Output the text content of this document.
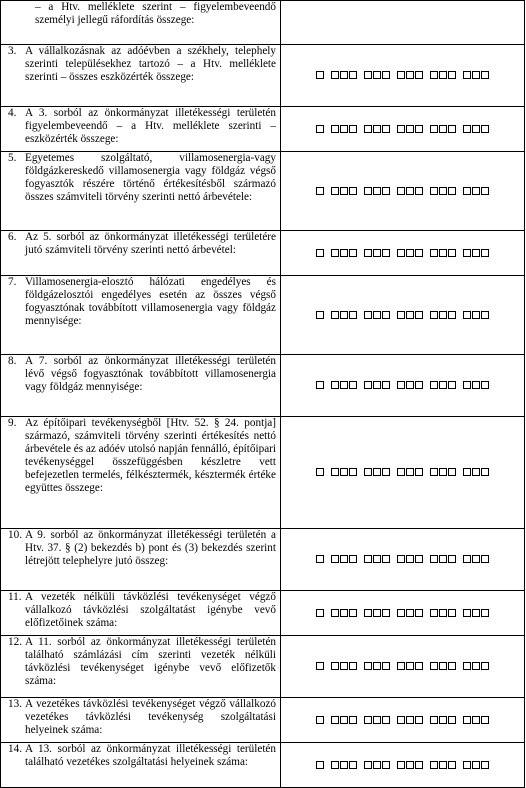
– a Htv. melléklete szerint – figyelembeveendő személyi jellegű ráfordítás összege:	

3. A vállalkozásnak az adóévben a székhely, telephely szerinti településekhez tartozó – a Htv. melléklete szerinti – összes eszközérték összege:	

4. A 3. sorból az önkormányzat illetékességi területén figyelembeveendő – a Htv. melléklete szerinti – eszközérték összege:	

5. Egyetemes szolgáltató, villamosenergia-vagy földgázkereskedő villamosenergia vagy földgáz végső fogyasztók részére történő értékesítésből származó összes számviteli törvény szerinti nettó árbevétele:	

6. Az 5. sorból az önkormányzat illetékességi területére jutó számviteli törvény szerinti nettó árbevétel:	

7. Villamosenergia-elosztó hálózati engedélyes és földgázelosztói engedélyes esetén az összes végső fogyasztónak továbbított villamosenergia vagy földgáz mennyisége:	

8. A 7. sorból az önkormányzat illetékességi területén lévő végső fogyasztónak továbbított villamosenergia vagy földgáz mennyisége:	

9. Az építőipari tevékenységből [Htv. 52. § 24. pontja] származó, számviteli törvény szerinti értékesítés nettó árbevétele és az adóév utolsó napján fennálló, építőipari tevékenységgel összefüggésben készletre vett befejezetlen termelés, félkésztermék, késztermék értéke együttes összege:	

10. A 9. sorból az önkormányzat illetékességi területén a Htv. 37. § (2) bekezdés b) pont és (3) bekezdés szerint létrejött telephelyre jutó összeg:	

11. A vezeték nélküli távközlési tevékenységet végző vállalkozó távközlési szolgáltatást igénybe vevő előfizetőinek száma:	

12. A 11. sorból az önkormányzat illetékességi területén található számlázási cím szerinti vezeték nélküli távközlési tevékenységet igénybe vevő előfizetők száma:	

13. A vezetékes távközlési tevékenységet végző vállalkozó vezetékes távközlési tevékenység szolgáltatási helyeinek száma:	

14. A 13. sorból az önkormányzat illetékességi területén található vezetékes szolgáltatási helyeinek száma:	
